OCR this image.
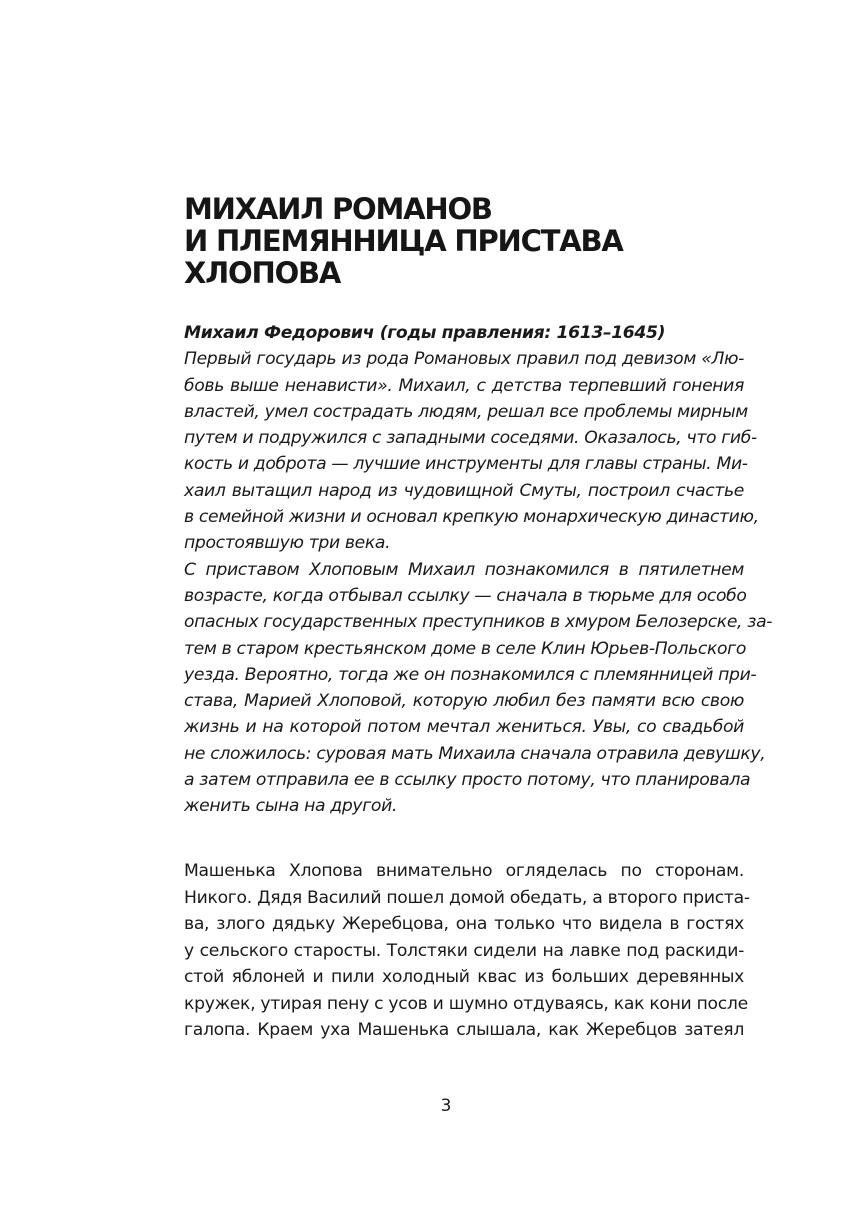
МИХАИЛ РОМАНОВ
И ПЛЕМЯННИЦА ПРИСТАВА
ХЛОПОВА

Михаил Федорович (годы правления: 1613–1645)

Первый государь из рода Романовых правил под девизом «Лю-
бовь выше ненависти». Михаил, с детства терпевший гонения
властей, умел сострадать людям, решал все проблемы мирным
путем и подружился с западными соседями. Оказалось, что гиб-
кость и доброта — лучшие инструменты для главы страны. Ми-
хаил вытащил народ из чудовищной Смуты, построил счастье
в семейной жизни и основал крепкую монархическую династию,
простоявшую три века.

С приставом Хлоповым Михаил познакомился в пятилетнем
возрасте, когда отбывал ссылку — сначала в тюрьме для особо
опасных государственных преступников в хмуром Белозерске, за-
тем в старом крестьянском доме в селе Клин Юрьев-Польского
уезда. Вероятно, тогда же он познакомился с племянницей при-
става, Марией Хлоповой, которую любил без памяти всю свою
жизнь и на которой потом мечтал жениться. Увы, со свадьбой
не сложилось: суровая мать Михаила сначала отравила девушку,
а затем отправила ее в ссылку просто потому, что планировала
женить сына на другой.

Машенька Хлопова внимательно огляделась по сторонам.
Никого. Дядя Василий пошел домой обедать, а второго приста-
ва, злого дядьку Жеребцова, она только что видела в гостях
у сельского старосты. Толстяки сидели на лавке под раскиди-
стой яблоней и пили холодный квас из больших деревянных
кружек, утирая пену с усов и шумно отдуваясь, как кони после
галопа. Краем уха Машенька слышала, как Жеребцов затеял

3
